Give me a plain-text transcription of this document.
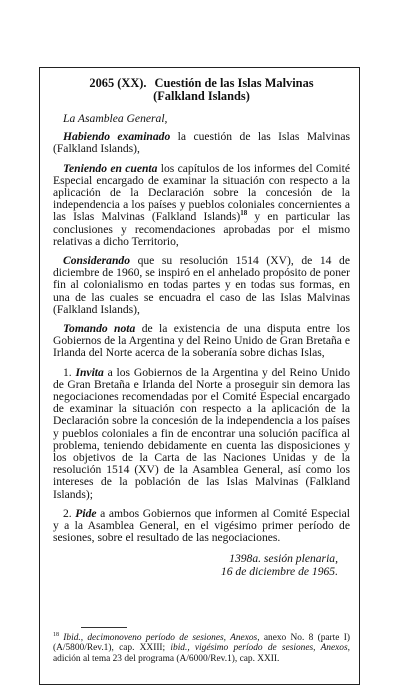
2065 (XX). Cuestión de las Islas Malvinas
(Falkland Islands)

La Asamblea General,

Habiendo examinado la cuestión de las Islas Malvinas (Falkland Islands),

Teniendo en cuenta los capítulos de los informes del Comité Especial encargado de examinar la situación con respecto a la aplicación de la Declaración sobre la concesión de la independencia a los países y pueblos coloniales concernientes a las Islas Malvinas (Falkland Islands)$^{18}$ y en particular las conclusiones y recomendaciones aprobadas por el mismo relativas a dicho Territorio,

Considerando que su resolución 1514 (XV), de 14 de diciembre de 1960, se inspiró en el anhelado propósito de poner fin al colonialismo en todas partes y en todas sus formas, en una de las cuales se encuadra el caso de las Islas Malvinas (Falkland Islands),

Tomando nota de la existencia de una disputa entre los Gobiernos de la Argentina y del Reino Unido de Gran Bretaña e Irlanda del Norte acerca de la soberanía sobre dichas Islas,

1. Invita a los Gobiernos de la Argentina y del Reino Unido de Gran Bretaña e Irlanda del Norte a proseguir sin demora las negociaciones recomendadas por el Comité Especial encargado de examinar la situación con respecto a la aplicación de la Declaración sobre la concesión de la independencia a los países y pueblos coloniales a fin de encontrar una solución pacífica al problema, teniendo debidamente en cuenta las disposiciones y los objetivos de la Carta de las Naciones Unidas y de la resolución 1514 (XV) de la Asamblea General, así como los intereses de la población de las Islas Malvinas (Falkland Islands);

2. Pide a ambos Gobiernos que informen al Comité Especial y a la Asamblea General, en el vigésimo primer período de sesiones, sobre el resultado de las negociaciones.

1398a. sesión plenaria,
16 de diciembre de 1965.
$^{18}$ Ibid., decimonoveno período de sesiones, Anexos, anexo No. 8 (parte I) (A/5800/Rev.1), cap. XXIII; ibid., vigésimo período de sesiones, Anexos, adición al tema 23 del programa (A/6000/Rev.1), cap. XXII.
